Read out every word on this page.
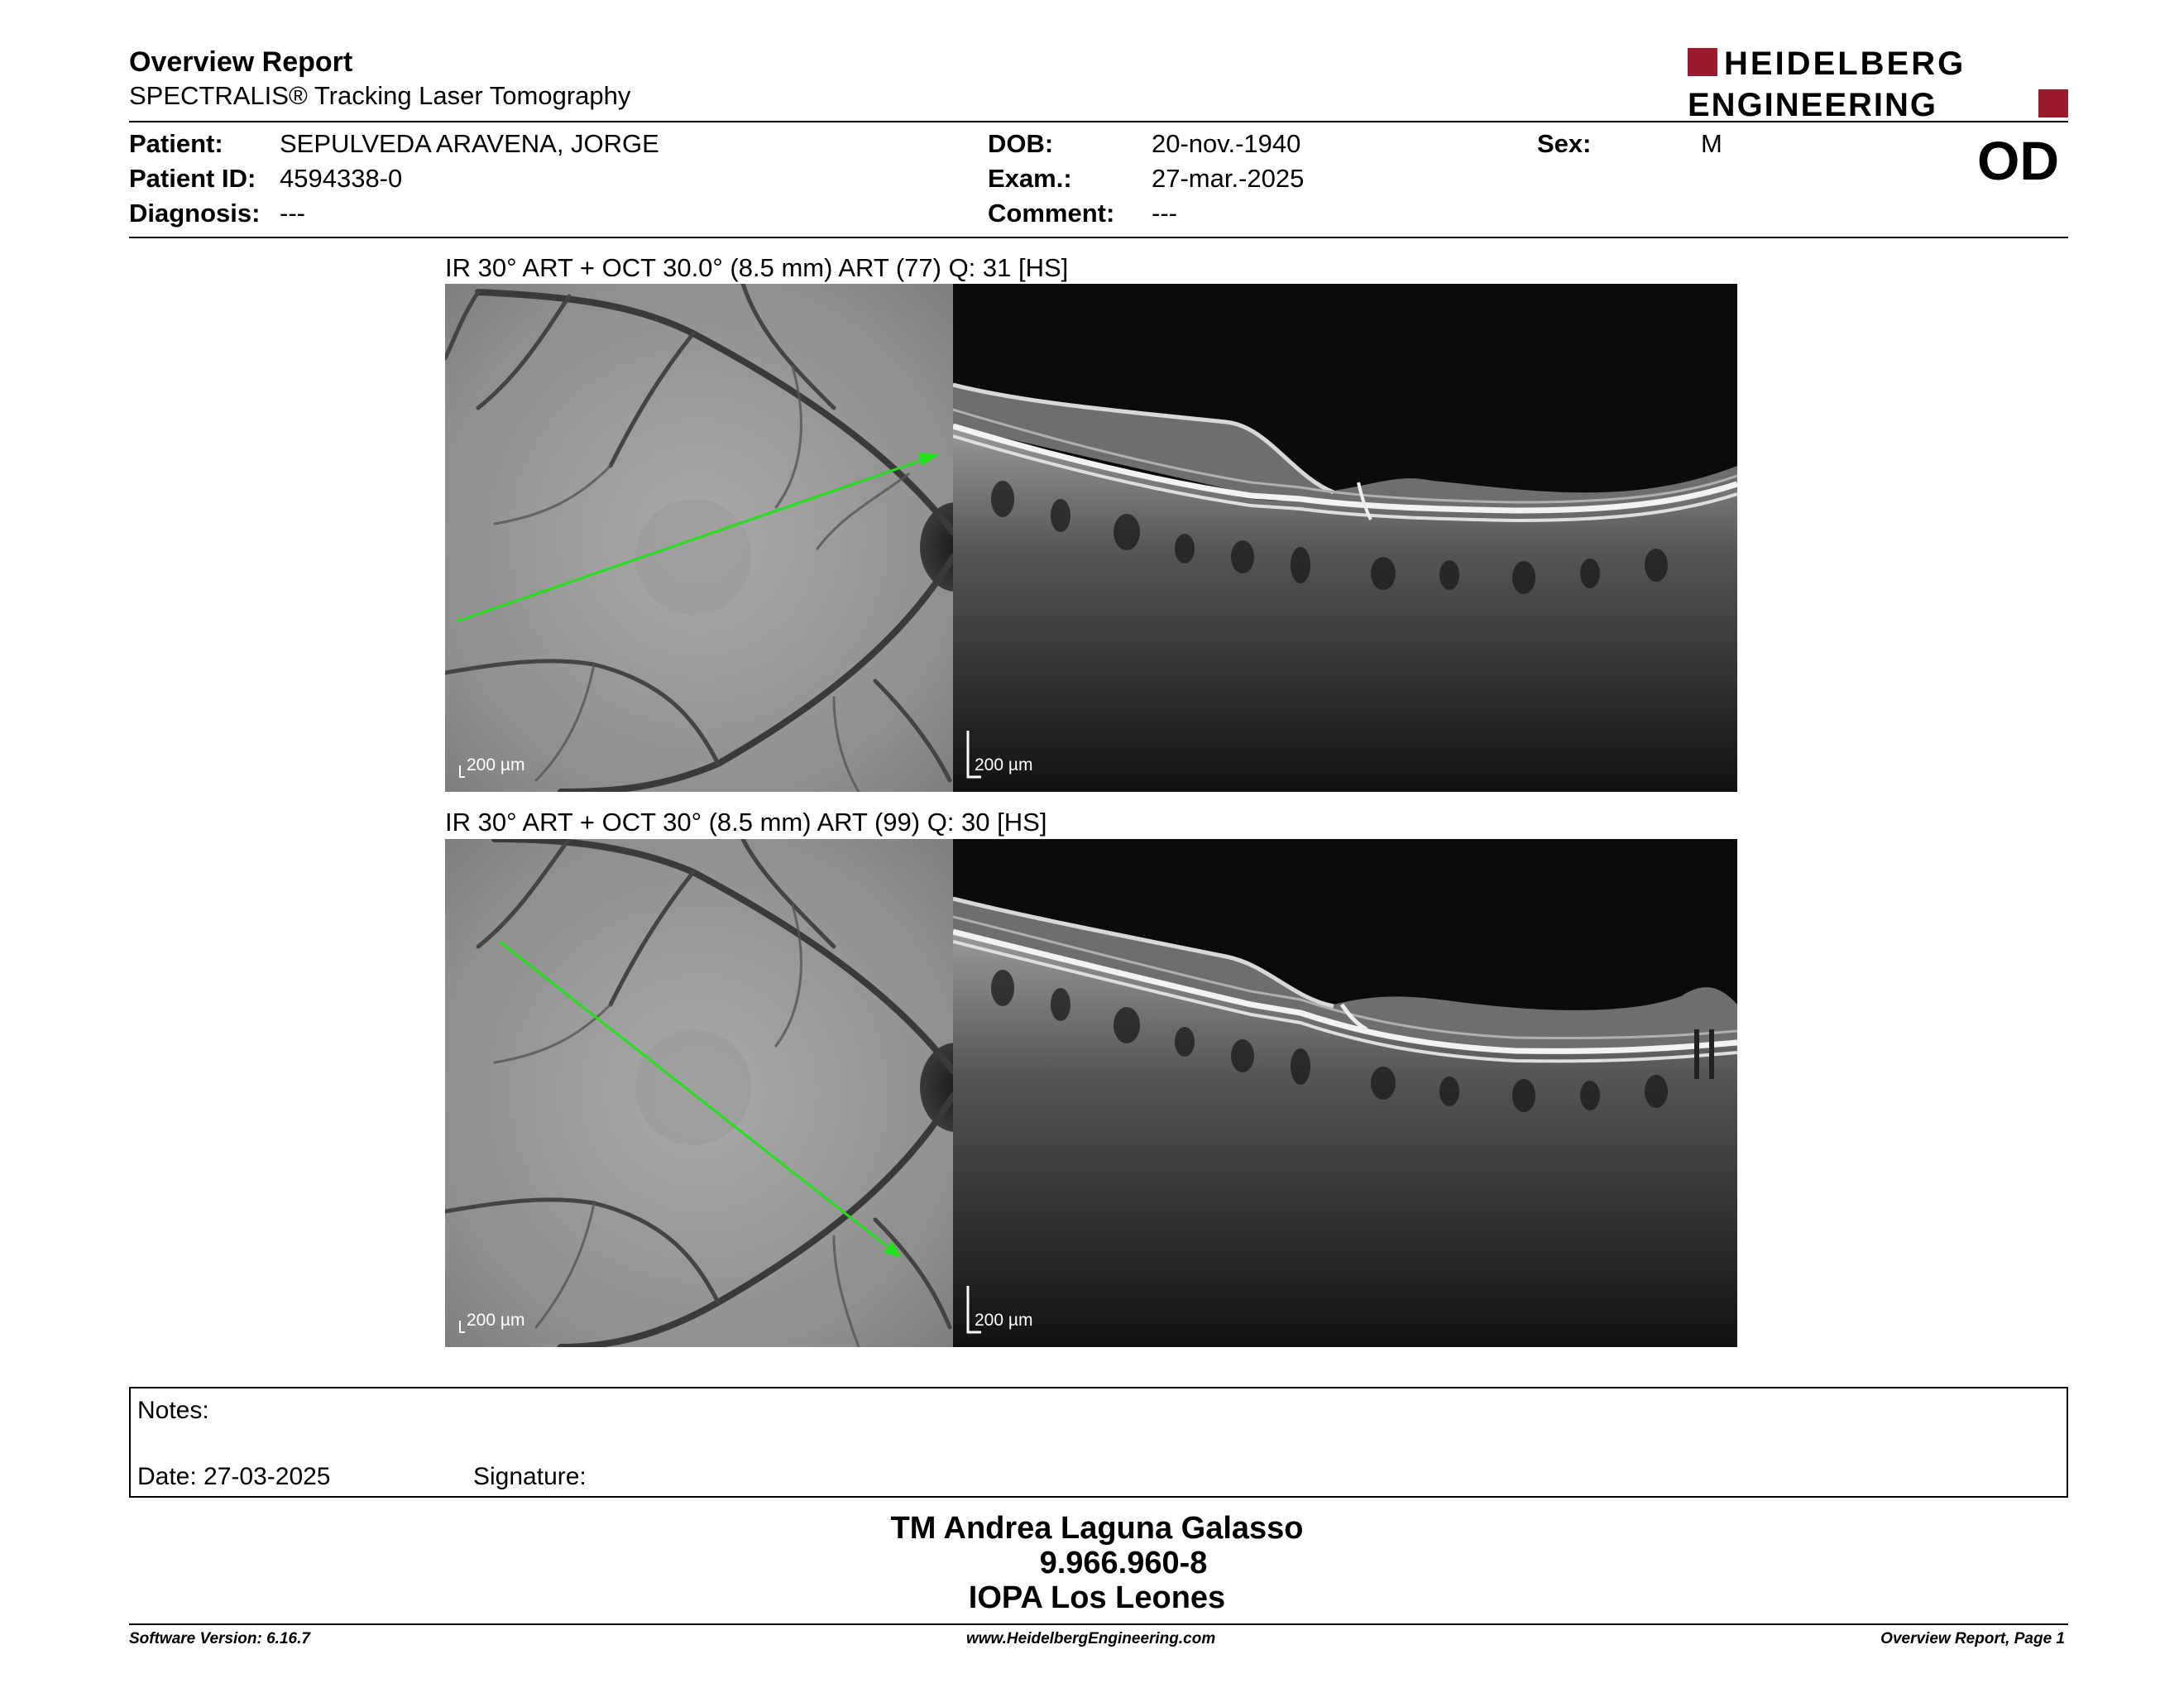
Overview Report
SPECTRALIS® Tracking Laser Tomography
HEIDELBERG
ENGINEERING
Patient: SEPULVEDA ARAVENA, JORGE
Patient ID: 4594338-0
Diagnosis: ---
DOB:	20-nov.-1940
Exam.:	27-mar.-2025
Comment: ---
Sex:	M	OD
IR 30° ART + OCT 30.0° (8.5 mm) ART (77) Q: 31 [HS]
200 µm	200 µm
IR 30° ART + OCT 30° (8.5 mm) ART (99) Q: 30 [HS]
200 µm	200 µm
Notes:
Date: 27-03-2025	Signature:
TM Andrea Laguna Galasso
9.966.960-8
IOPA Los Leones
Software Version: 6.16.7	www.HeidelbergEngineering.com	Overview Report, Page 1
